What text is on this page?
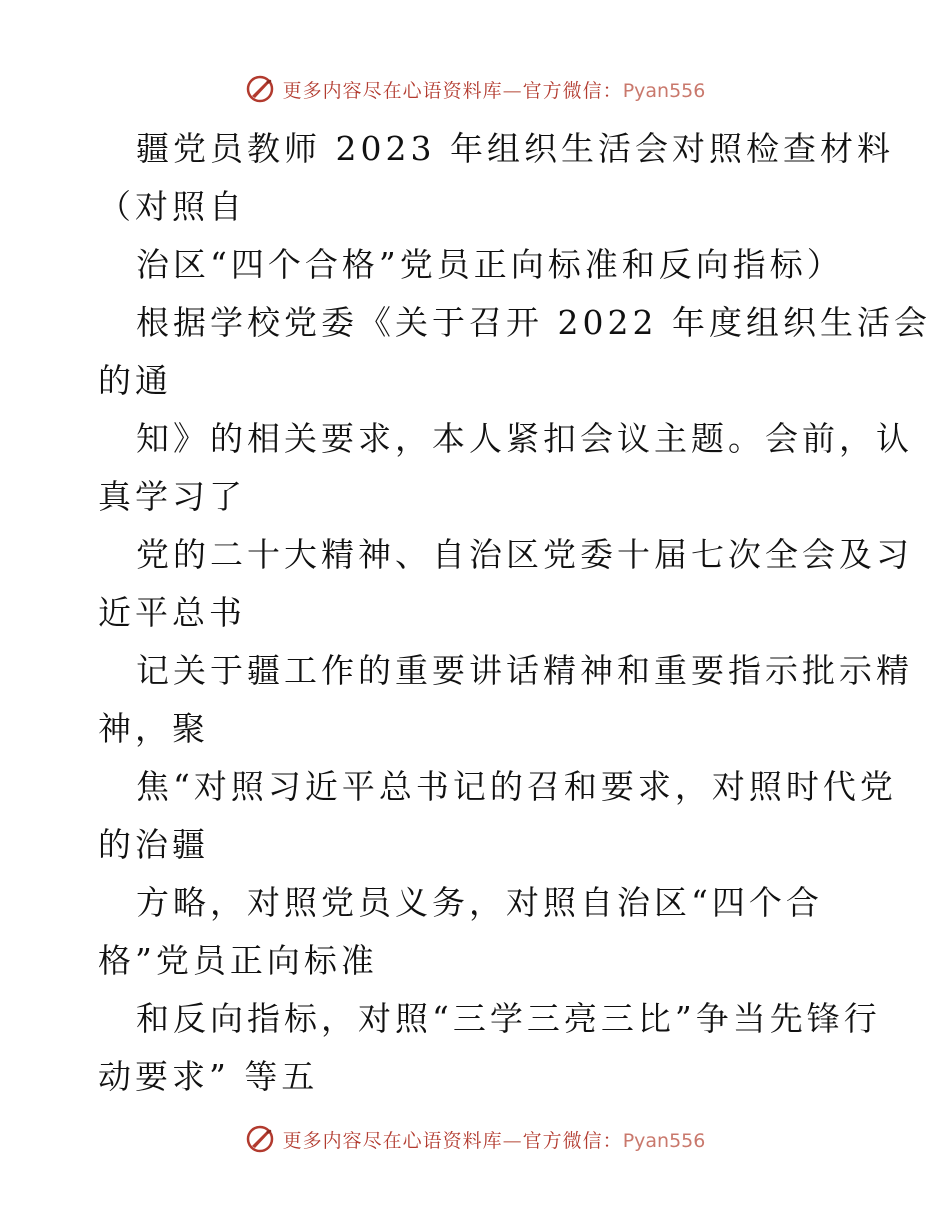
更多内容尽在心语资料库—官方微信：Pyan556
疆党员教师 2023 年组织生活会对照检查材料
（对照自
治区“四个合格”党员正向标准和反向指标）
根据学校党委《关于召开 2022 年度组织生活会
的通
知》的相关要求，本人紧扣会议主题。会前，认
真学习了
党的二十大精神、自治区党委十届七次全会及习
近平总书
记关于疆工作的重要讲话精神和重要指示批示精
神，聚
焦“对照习近平总书记的召和要求，对照时代党
的治疆
方略，对照党员义务，对照自治区“四个合
格”党员正向标准
和反向指标，对照“三学三亮三比”争当先锋行
动要求” 等五
更多内容尽在心语资料库—官方微信：Pyan556
